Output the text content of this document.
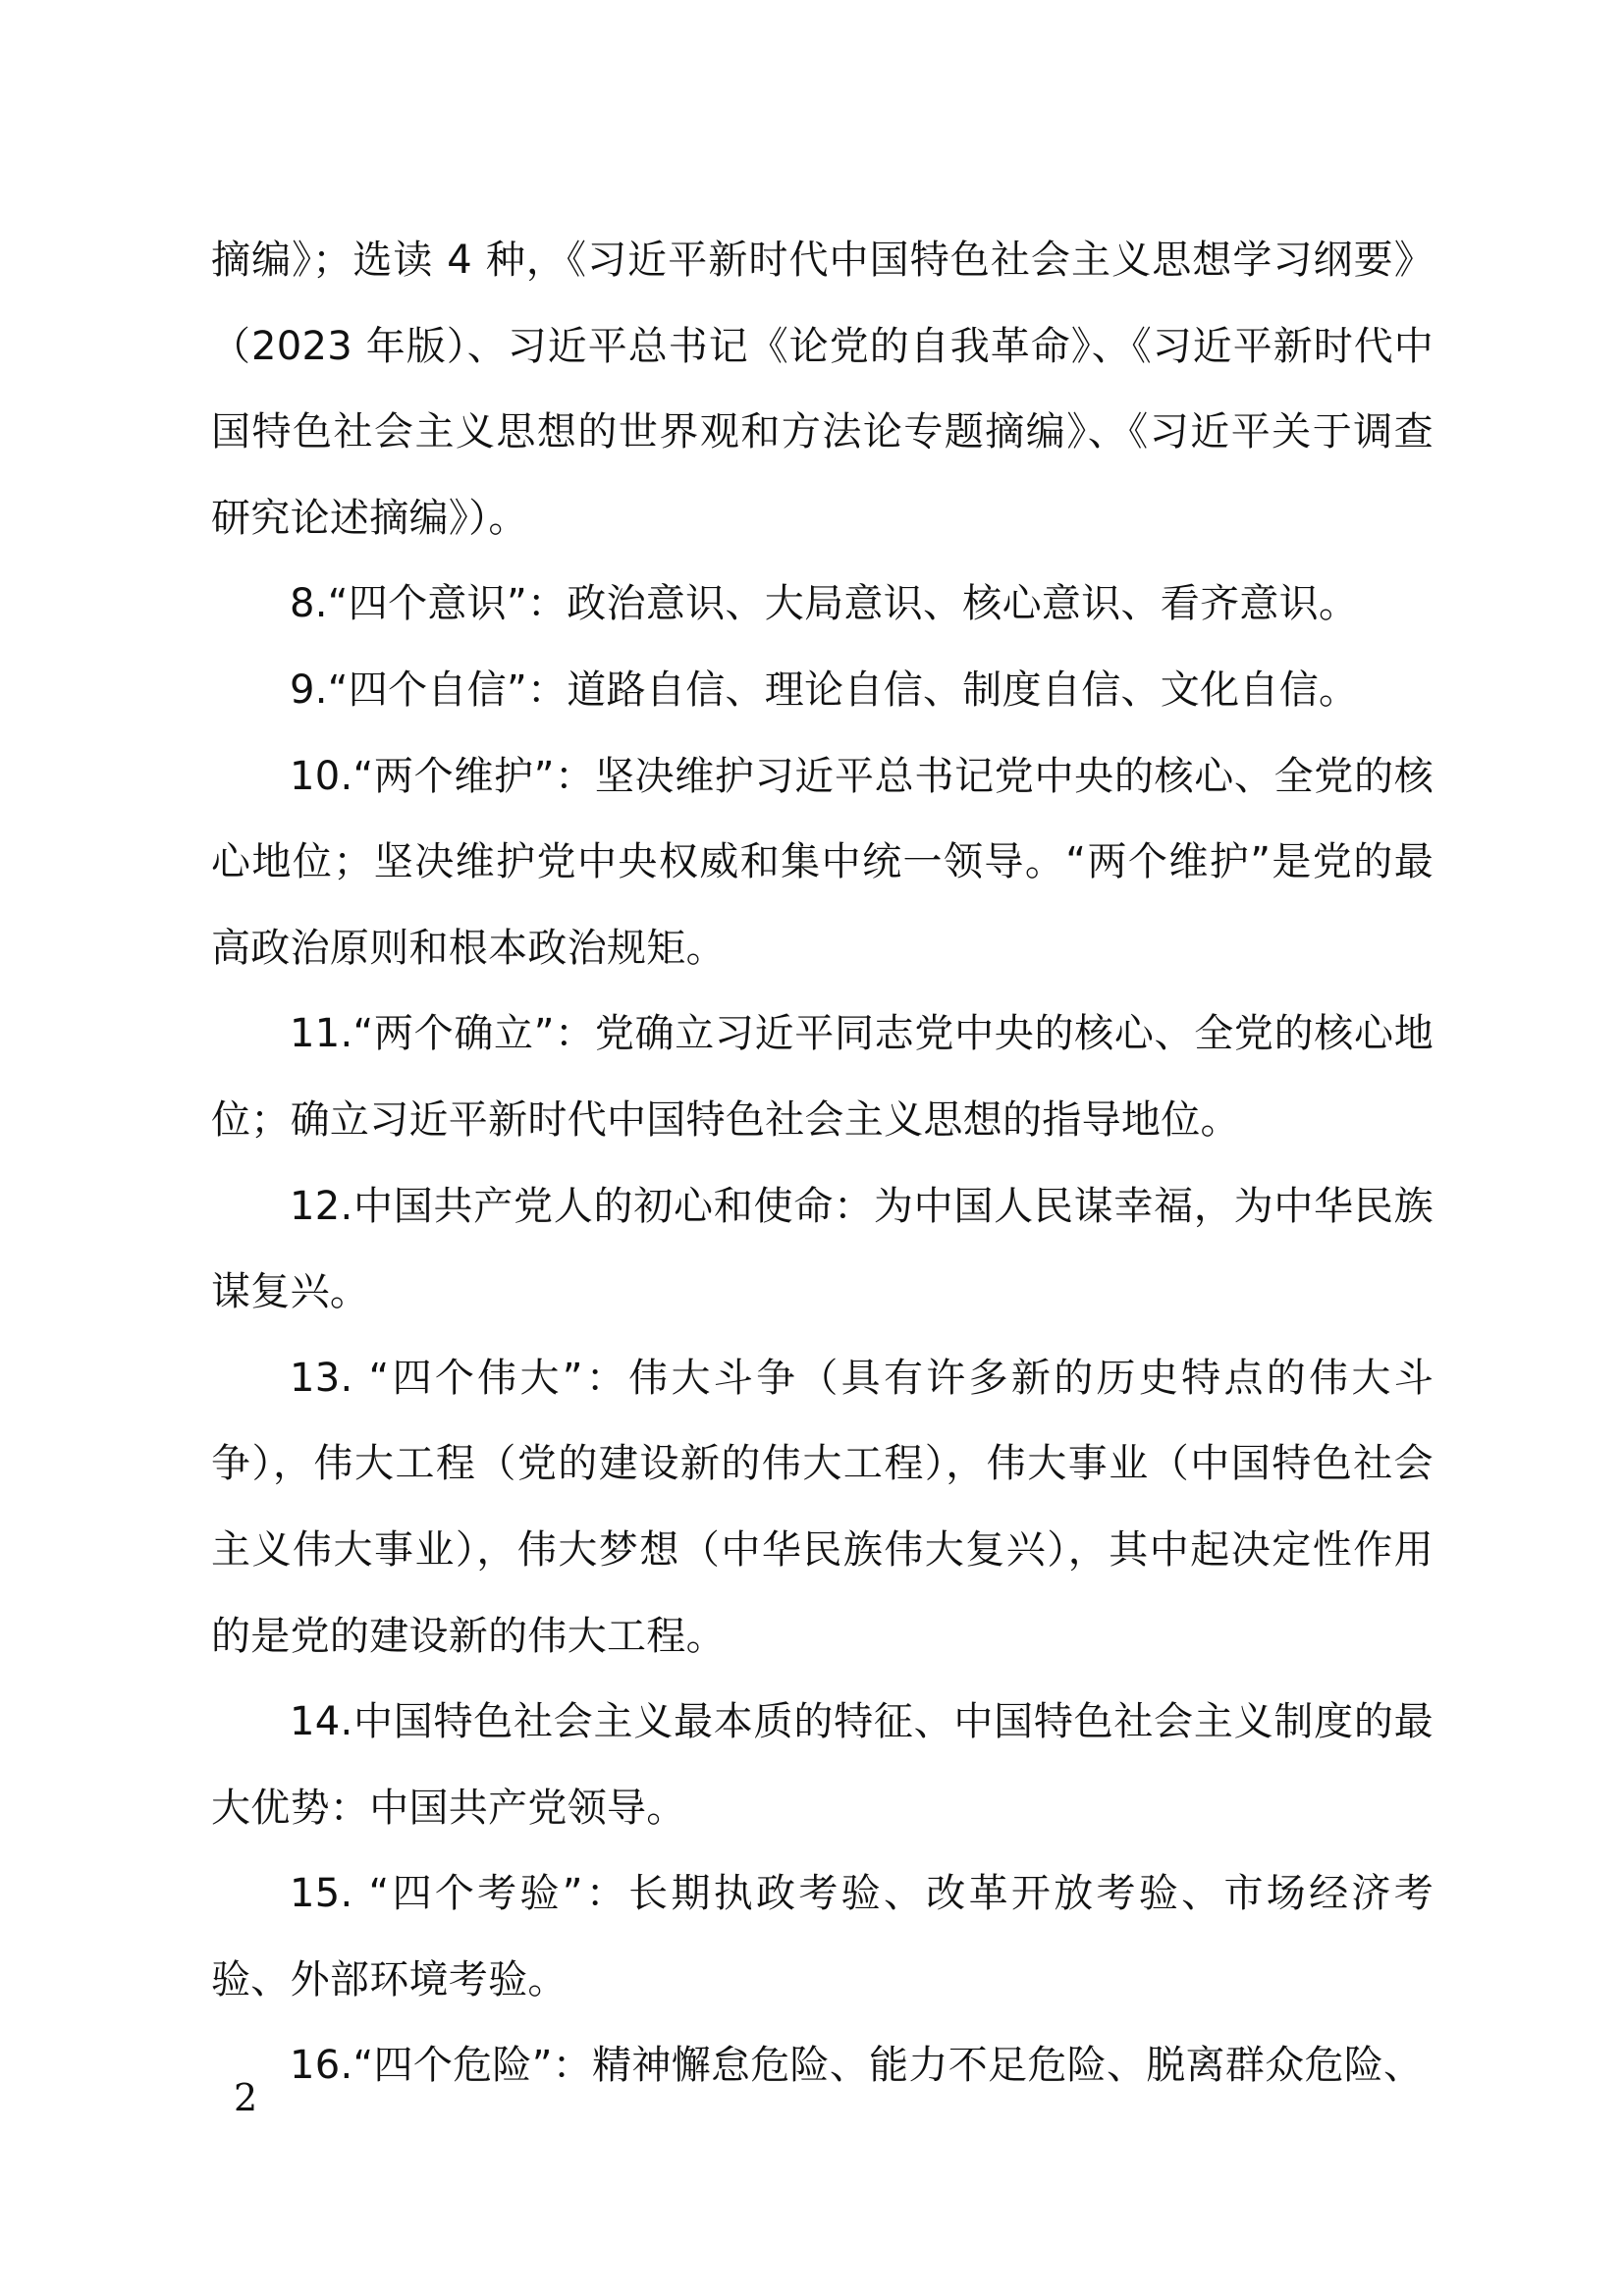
摘编》；选读 4 种，《习近平新时代中国特色社会主义思想学习纲要》（2023 年版）、习近平总书记《论党的自我革命》、《习近平新时代中国特色社会主义思想的世界观和方法论专题摘编》、《习近平关于调查研究论述摘编》）。

8.“四个意识”：政治意识、大局意识、核心意识、看齐意识。

9.“四个自信”：道路自信、理论自信、制度自信、文化自信。

10.“两个维护”：坚决维护习近平总书记党中央的核心、全党的核心地位；坚决维护党中央权威和集中统一领导。“两个维护”是党的最高政治原则和根本政治规矩。

11.“两个确立”：党确立习近平同志党中央的核心、全党的核心地位；确立习近平新时代中国特色社会主义思想的指导地位。

12.中国共产党人的初心和使命：为中国人民谋幸福，为中华民族谋复兴。

13. “四个伟大”：伟大斗争（具有许多新的历史特点的伟大斗争），伟大工程（党的建设新的伟大工程），伟大事业（中国特色社会主义伟大事业），伟大梦想（中华民族伟大复兴），其中起决定性作用的是党的建设新的伟大工程。

14.中国特色社会主义最本质的特征、中国特色社会主义制度的最大优势：中国共产党领导。

15. “四个考验”：长期执政考验、改革开放考验、市场经济考验、外部环境考验。

16.“四个危险”：精神懈怠危险、能力不足危险、脱离群众危险、

2
